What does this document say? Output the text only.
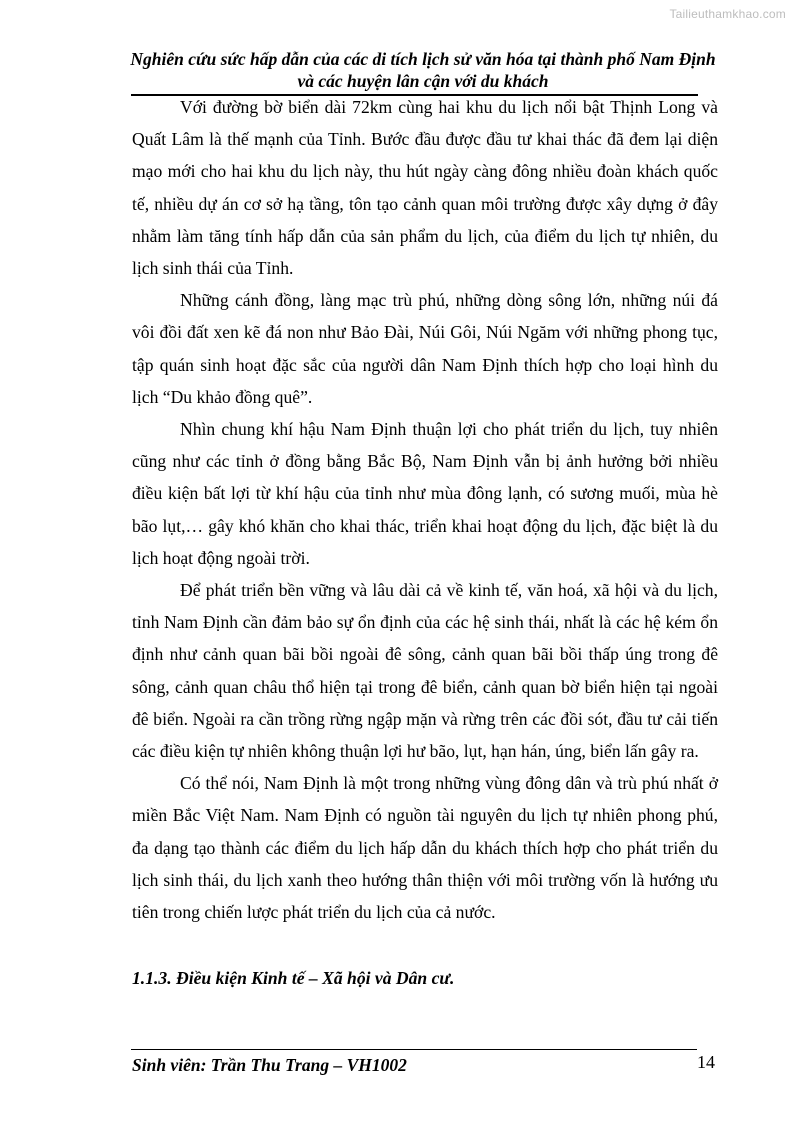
Tailieuthamkhao.com
Nghiên cứu sức hấp dẫn của các di tích lịch sử văn hóa tại thành phố Nam Định và các huyện lân cận với du khách

Với đường bờ biển dài 72km cùng hai khu du lịch nổi bật Thịnh Long và Quất Lâm là thế mạnh của Tỉnh. Bước đầu được đầu tư khai thác đã đem lại diện mạo mới cho hai khu du lịch này, thu hút ngày càng đông nhiều đoàn khách quốc tế, nhiều dự án cơ sở hạ tầng, tôn tạo cảnh quan môi trường được xây dựng ở đây nhằm làm tăng tính hấp dẫn của sản phẩm du lịch, của điểm du lịch tự nhiên, du lịch sinh thái của Tỉnh.

Những cánh đồng, làng mạc trù phú, những dòng sông lớn, những núi đá vôi đồi đất xen kẽ đá non như Bảo Đài, Núi Gôi, Núi Ngăm với những phong tục, tập quán sinh hoạt đặc sắc của người dân Nam Định thích hợp cho loại hình du lịch “Du khảo đồng quê”.

Nhìn chung khí hậu Nam Định thuận lợi cho phát triển du lịch, tuy nhiên cũng như các tỉnh ở đồng bằng Bắc Bộ, Nam Định vẫn bị ảnh hưởng bởi nhiều điều kiện bất lợi từ khí hậu của tỉnh như mùa đông lạnh, có sương muối, mùa hè bão lụt,… gây khó khăn cho khai thác, triển khai hoạt động du lịch, đặc biệt là du lịch hoạt động ngoài trời.

Để phát triển bền vững và lâu dài cả về kinh tế, văn hoá, xã hội và du lịch, tỉnh Nam Định cần đảm bảo sự ổn định của các hệ sinh thái, nhất là các hệ kém ổn định như cảnh quan bãi bồi ngoài đê sông, cảnh quan bãi bồi thấp úng trong đê sông, cảnh quan châu thổ hiện tại trong đê biển, cảnh quan bờ biển hiện tại ngoài đê biển. Ngoài ra cần trồng rừng ngập mặn và rừng trên các đồi sót, đầu tư cải tiến các điều kiện tự nhiên không thuận lợi hư bão, lụt, hạn hán, úng, biển lấn gây ra.

Có thể nói, Nam Định là một trong những vùng đông dân và trù phú nhất ở miền Bắc Việt Nam. Nam Định có nguồn tài nguyên du lịch tự nhiên phong phú, đa dạng tạo thành các điểm du lịch hấp dẫn du khách thích hợp cho phát triển du lịch sinh thái, du lịch xanh theo hướng thân thiện với môi trường vốn là hướng ưu tiên trong chiến lược phát triển du lịch của cả nước.

1.1.3. Điều kiện Kinh tế – Xã hội và Dân cư.
Sinh viên: Trần Thu Trang – VH1002	14
